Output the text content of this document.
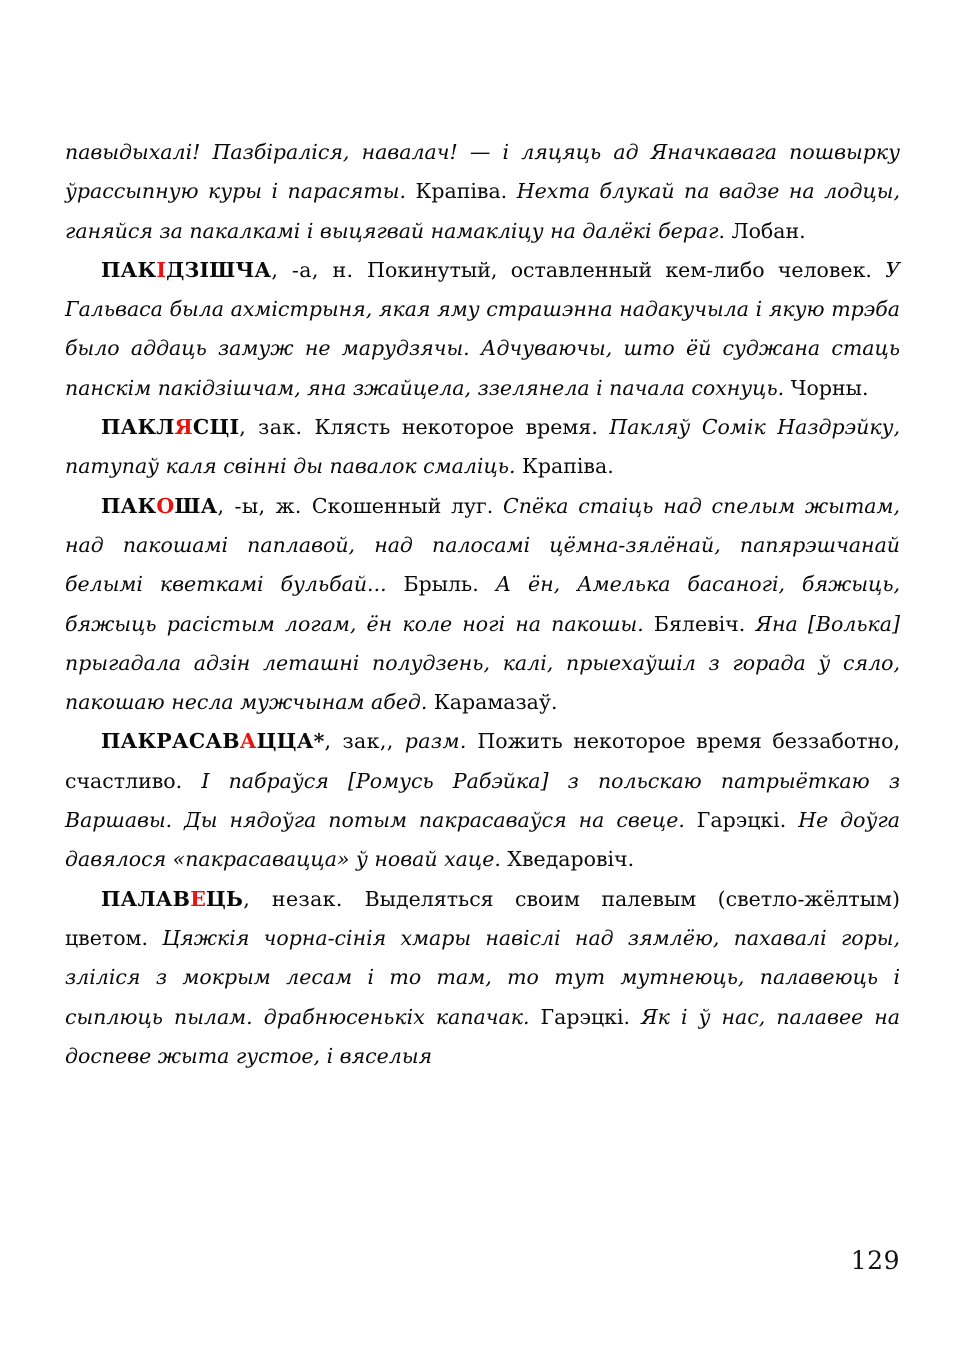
павыдыхалі! Пазбіраліся, навалач! — і ляцяць ад Яначкавага пошвырку ўрассыпную куры і парасяты. Крапіва. Нехта блукай па вадзе на лодцы, ганяйся за пакалкамі і выцягвай намакліцу на далёкі бераг. Лобан.

ПАКІДЗІШЧА, -а, н. Покинутый, оставленный кем-либо человек. У Гальваса была ахмістрыня, якая яму страшэнна надакучыла і якую трэба было аддаць замуж не марудзячы. Адчуваючы, што ёй суджана стаць панскім пакідзішчам, яна зжайцела, ззелянела і пачала сохнуць. Чорны.

ПАКЛЯСЦІ, зак. Клясть некоторое время. Пакляў Сомік Наздрэйку, патупаў каля свінні ды павалок смаліць. Крапіва.

ПАКОША, -ы, ж. Скошенный луг. Спёка стаіць над спелым жытам, над пакошамі паплавой, над палосамі цёмна-зялёнай, папярэшчанай белымі кветкамі бульбай... Брыль. А ён, Амелька басаногі, бяжыць, бяжыць расістым логам, ён коле ногі на пакошы. Бялевіч. Яна [Волька] прыгадала адзін леташні полудзень, калі, прыехаўшіл з горада ў сяло, пакошаю несла мужчынам абед. Карамазаў.

ПАКРАСАВАЦЦА*, зак,, разм. Пожить некоторое время беззаботно, счастливо. І пабраўся [Ромусь Рабэйка] з польскаю патрыёткаю з Варшавы. Ды нядоўга потым пакрасаваўся на свеце. Гарэцкі. Не доўга давялося «пакрасавацца» ў новай хаце. Хведаровіч.

ПАЛАВЕЦЬ, незак. Выделяться своим палевым (светло-жёлтым) цветом. Цяжкія чорна-сінія хмары навіслі над зямлёю, пахавалі горы, зліліся з мокрым лесам і то там, то тут мутнеюць, палавеюць і сыплюць пылам. драбнюсенькіх капачак. Гарэцкі. Як і ў нас, палавее на доспеве жыта густое, і вяселыя

129
